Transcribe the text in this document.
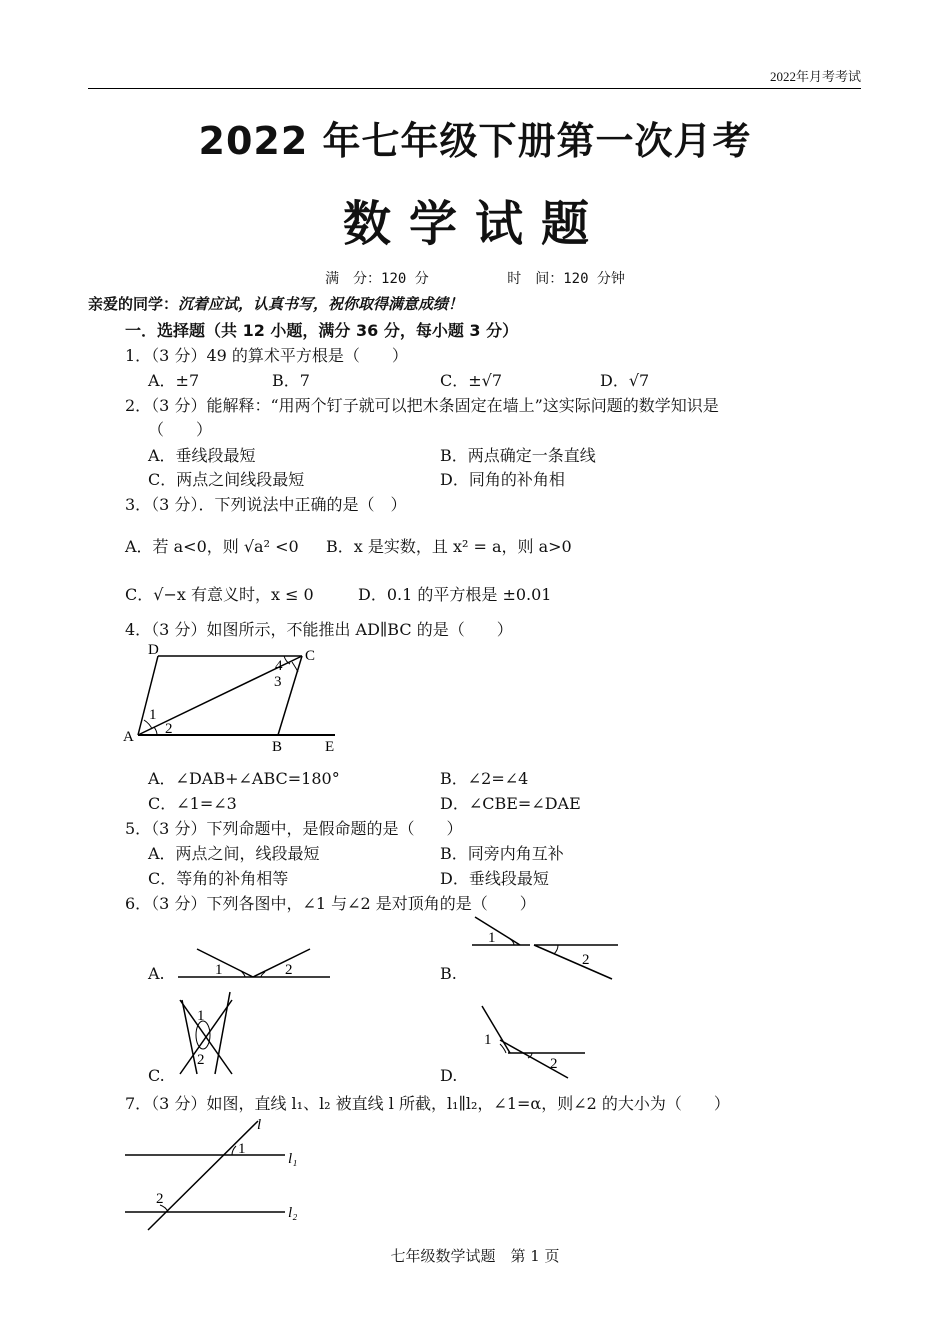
2022年月考考试
2022 年七年级下册第一次月考
数学试题
满　分：120 分	时　间：120 分钟
亲爱的同学：沉着应试，认真书写，祝你取得满意成绩！
一．选择题（共 12 小题，满分 36 分，每小题 3 分）
1．（3 分）49 的算术平方根是（　　）
A．±7	B．7	C．±√7	D．√7
2．（3 分）能解释：“用两个钉子就可以把木条固定在墙上”这实际问题的数学知识是
（　　）
A．垂线段最短	B．两点确定一条直线
C．两点之间线段最短	D．同角的补角相
3．（3 分）．下列说法中正确的是（　）
A．若 a<0，则 √a² <0 B．x 是实数，且 x² = a，则 a>0
C．√−x 有意义时，x ≤ 0	D．0.1 的平方根是 ±0.01
4．（3 分）如图所示，不能推出 AD∥BC 的是（　　）
D	C
A
B	E
1
2
4
3
A．∠DAB+∠ABC=180°	B．∠2=∠4
C．∠1=∠3	D．∠CBE=∠DAE
5．（3 分）下列命题中，是假命题的是（　　）
A．两点之间，线段最短	B．同旁内角互补
C．等角的补角相等	D．垂线段最短
6．（3 分）下列各图中，∠1 与∠2 是对顶角的是（　　）
A.	1	2	B.
1
2
C.
1
2
D.
1
2
7．（3 分）如图，直线 l₁、l₂ 被直线 l 所截，l₁∥l₂，∠1=α，则∠2 的大小为（　　）
l
l₁
l₂
1
2
七年级数学试题　第 1 页
